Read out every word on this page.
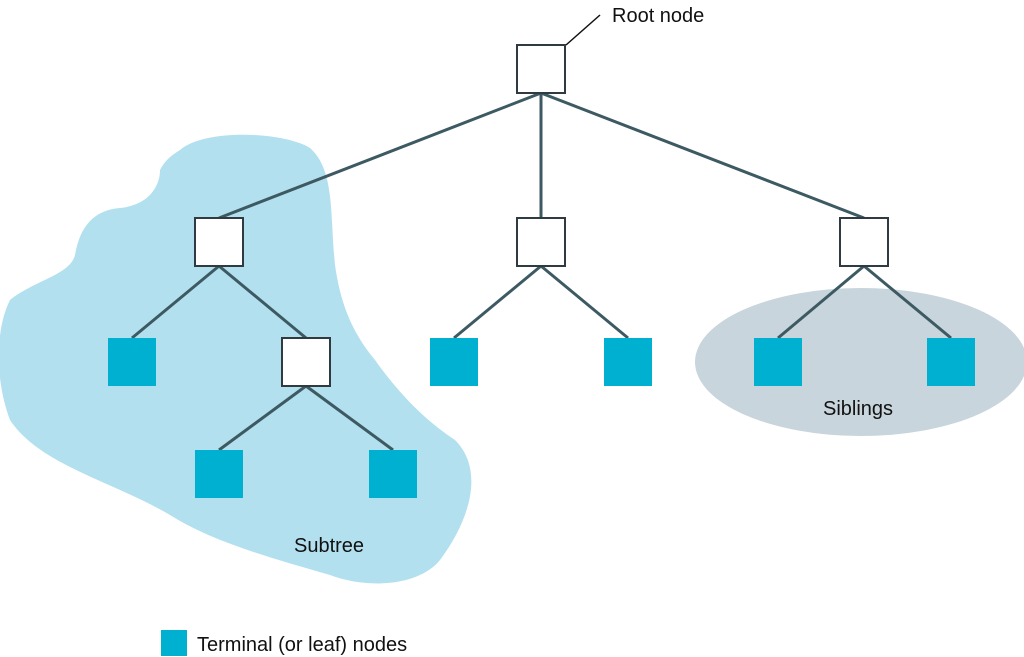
Root node
Subtree
Siblings
Terminal (or leaf) nodes
